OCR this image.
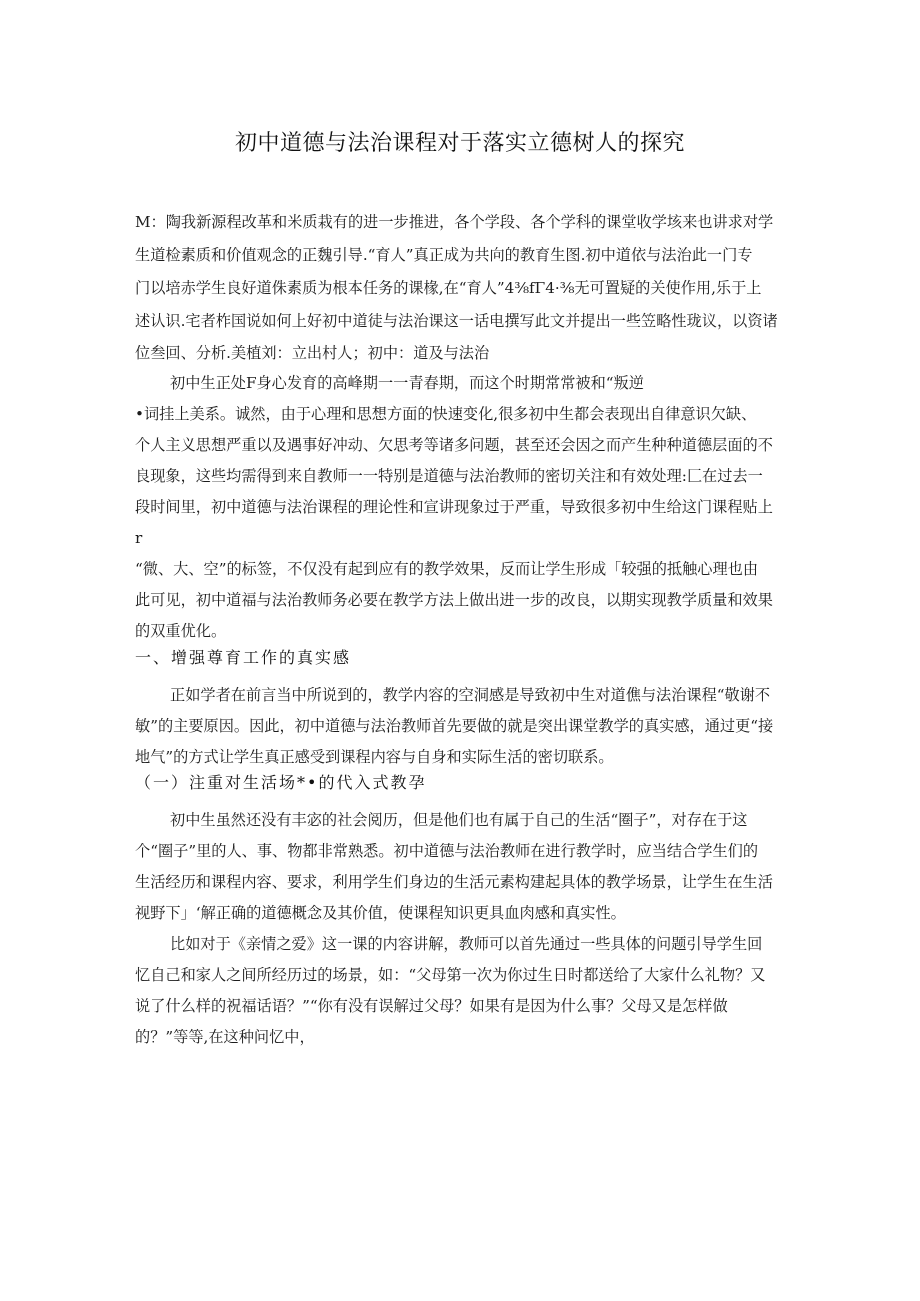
初中道德与法治课程对于落实立德树人的探究
M：陶我新源程改革和米质栽有的进一步推进，各个学段、各个学科的课堂收学垓来也讲求对学
生道检素质和价值观念的正魏引导.“育人”真正成为共向的教育生图.初中道依与法治此一门专
门以培赤学生良好道侏素质为根本任务的课椽,在“育人”4⅜fΓ4·⅜无可置疑的关使作用,乐于上
述认识.宅者柞国说如何上好初中道徒与法治课这一话电撰写此文并提出一些笠略性珑议，以资诸
位叁回、分析.美植刘：立出村人；初中：道及与法治
初中生正处F身心发育的高峰期一一青春期，而这个时期常常被和“叛逆
•词挂上美系。诚然，由于心理和思想方面的快速变化,很多初中生都会表现出自律意识欠缺、
个人主义思想严重以及遇事好冲动、欠思考等诸多问题，甚至还会因之而产生种种道德层面的不
良现象，这些均需得到来自教师一一特别是道德与法治教师的密切关注和有效处理:匚在过去一
段时间里，初中道德与法治课程的理论性和宣讲现象过于严重，导致很多初中生给这门课程贴上
r
“微、大、空”的标签，不仅没有起到应有的教学效果，反而让学生形成「较强的抵触心理也由
此可见，初中道福与法治教师务必要在教学方法上做出进一步的改良，以期实现教学质量和效果
的双重优化。
一、增强尊育工作的真实感
正如学者在前言当中所说到的，教学内容的空洞感是导致初中生对道僬与法治课程“敬谢不
敏”的主要原因。因此，初中道德与法治教师首先要做的就是突出课堂教学的真实感，通过更“接
地气”的方式让学生真正感受到课程内容与自身和实际生活的密切联系。
（一）注重对生活场*•的代入式教孕
初中生虽然还没有丰宓的社会阅历，但是他们也有属于自己的生活“圈子”，对存在于这
个“圈子”里的人、事、物都非常熟悉。初中道德与法治教师在进行教学时，应当结合学生们的
生活经历和课程内容、要求，利用学生们身边的生活元素构建起具体的教学场景，让学生在生活
视野下」‘解正确的道德概念及其价值，使课程知识更具血肉感和真实性。
比如对于《亲情之爱》这一课的内容讲解，教师可以首先通过一些具体的问题引导学生回
忆自己和家人之间所经历过的场景，如：“父母第一次为你过生日时都送给了大家什么礼物？又
说了什么样的祝福话语？”“你有没有误解过父母？如果有是因为什么事？父母又是怎样做
的？”等等,在这种问忆中，
